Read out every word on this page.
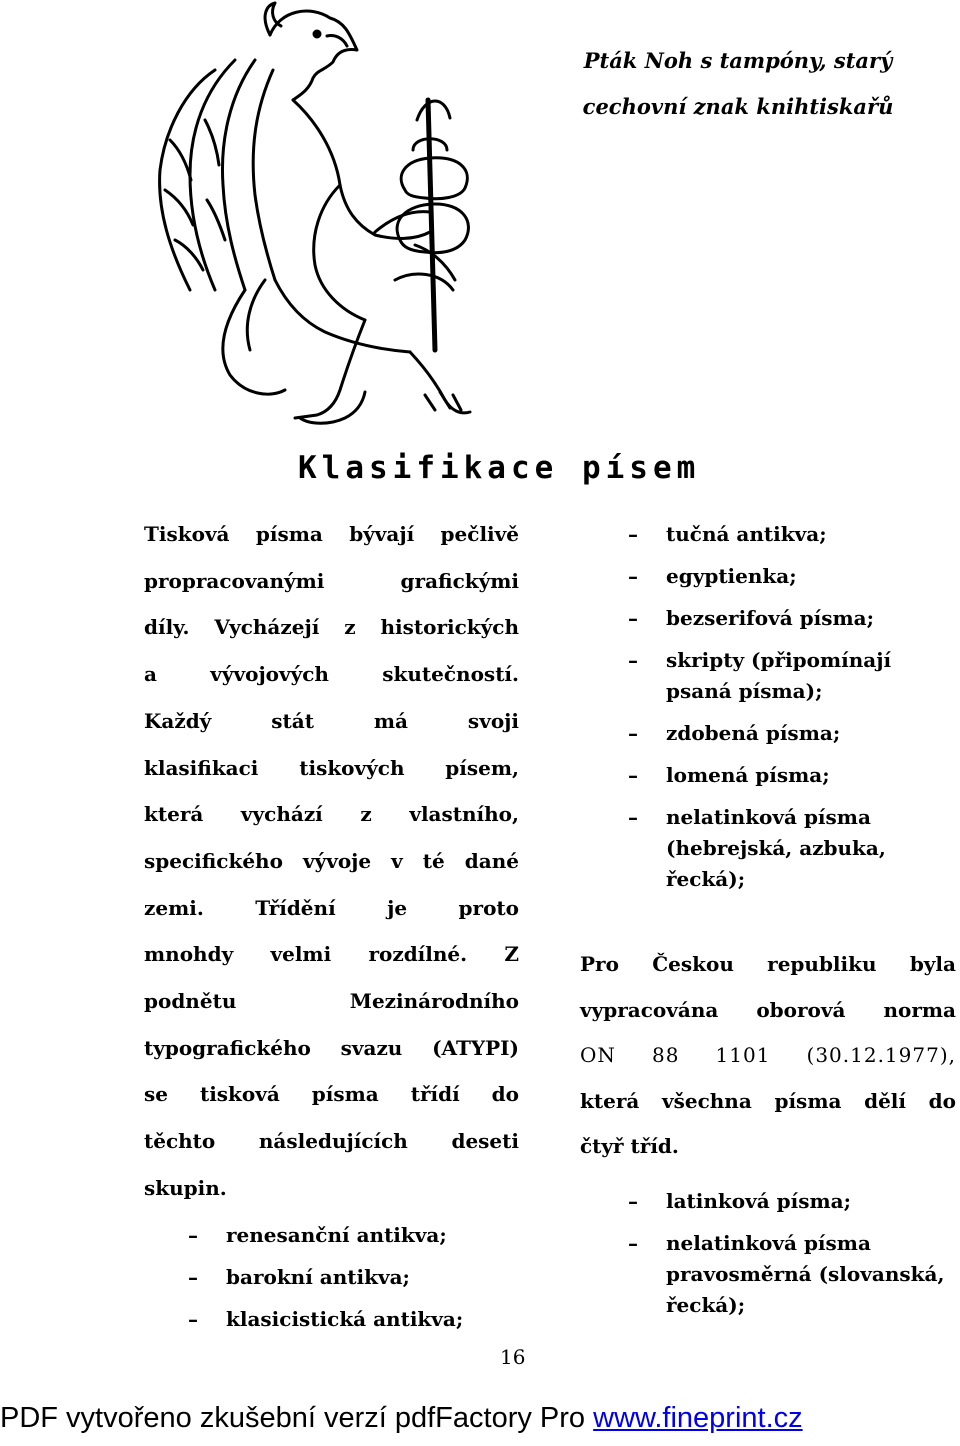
Pták Noh s tampóny, starý
cechovní znak knihtiskařů
Klasifikace písem
Tisková písma bývají pečlivě
propracovanými grafickými
díly. Vycházejí z historických
a vývojových skutečností.
Každý stát má svoji
klasifikaci tiskových písem,
která vychází z vlastního,
specifického vývoje v té dané
zemi. Třídění je proto
mnohdy velmi rozdílné. Z
podnětu Mezinárodního
typografického svazu (ATYPI)
se tisková písma třídí do
těchto následujících deseti
skupin.
– renesanční antikva;
– barokní antikva;
– klasicistická antikva;
– tučná antikva;
– egyptienka;
– bezserifová písma;
– skripty (připomínají psaná písma);
– zdobená písma;
– lomená písma;
– nelatinková písma (hebrejská, azbuka, řecká);
Pro Českou republiku byla
vypracována oborová norma
ON 88 1101 (30.12.1977),
která všechna písma dělí do
čtyř tříd.
– latinková písma;
– nelatinková písma pravosměrná (slovanská, řecká);
16
PDF vytvořeno zkušební verzí pdfFactory Pro www.fineprint.cz
